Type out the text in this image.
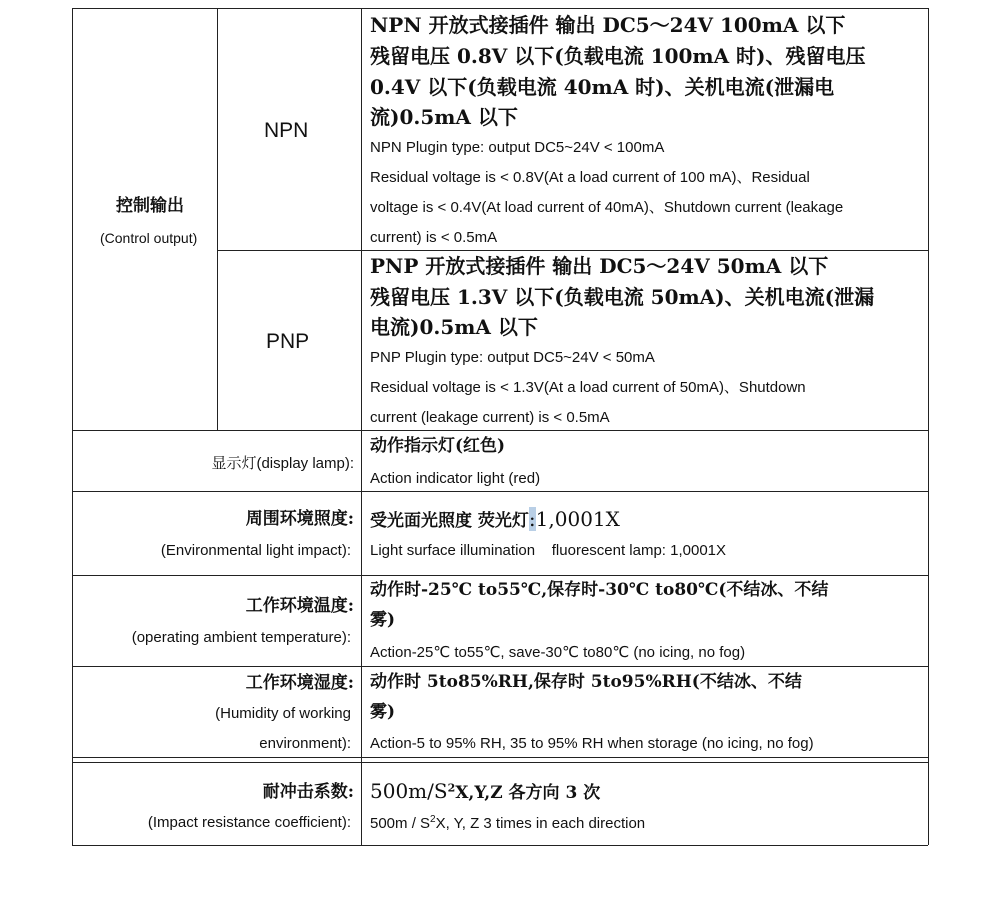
控制输出
(Control output)
NPN
NPN 开放式接插件 输出 DC5～24V 100mA 以下
残留电压 0.8V 以下(负载电流 100mA 时)、残留电压
0.4V 以下(负载电流 40mA 时)、关机电流(泄漏电
流)0.5mA 以下
NPN Plugin type: output DC5~24V < 100mA
Residual voltage is < 0.8V(At a load current of 100 mA)、Residual
voltage is < 0.4V(At load current of 40mA)、Shutdown current (leakage
current) is < 0.5mA
PNP
PNP 开放式接插件 输出 DC5～24V 50mA 以下
残留电压 1.3V 以下(负载电流 50mA)、关机电流(泄漏
电流)0.5mA 以下
PNP Plugin type: output DC5~24V < 50mA
Residual voltage is < 1.3V(At a load current of 50mA)、Shutdown
current (leakage current) is < 0.5mA
显示灯(display lamp):
动作指示灯(红色)
Action indicator light (red)
周围环境照度:
(Environmental light impact):
受光面光照度 荧光灯:1,0001X
Light surface illumination    fluorescent lamp: 1,0001X
工作环境温度:
(operating ambient temperature):
动作时-25℃ to55℃,保存时-30℃ to80℃(不结冰、不结
雾)
Action-25℃ to55℃, save-30℃ to80℃ (no icing, no fog)
工作环境湿度:
(Humidity of working
environment):
动作时 5to85%RH,保存时 5to95%RH(不结冰、不结
雾)
Action-5 to 95% RH, 35 to 95% RH when storage (no icing, no fog)
耐冲击系数:
(Impact resistance coefficient):
$500m/S^2X,Y,Z$ 各方向 3 次
$500m / S^2X$, Y, Z 3 times in each direction
